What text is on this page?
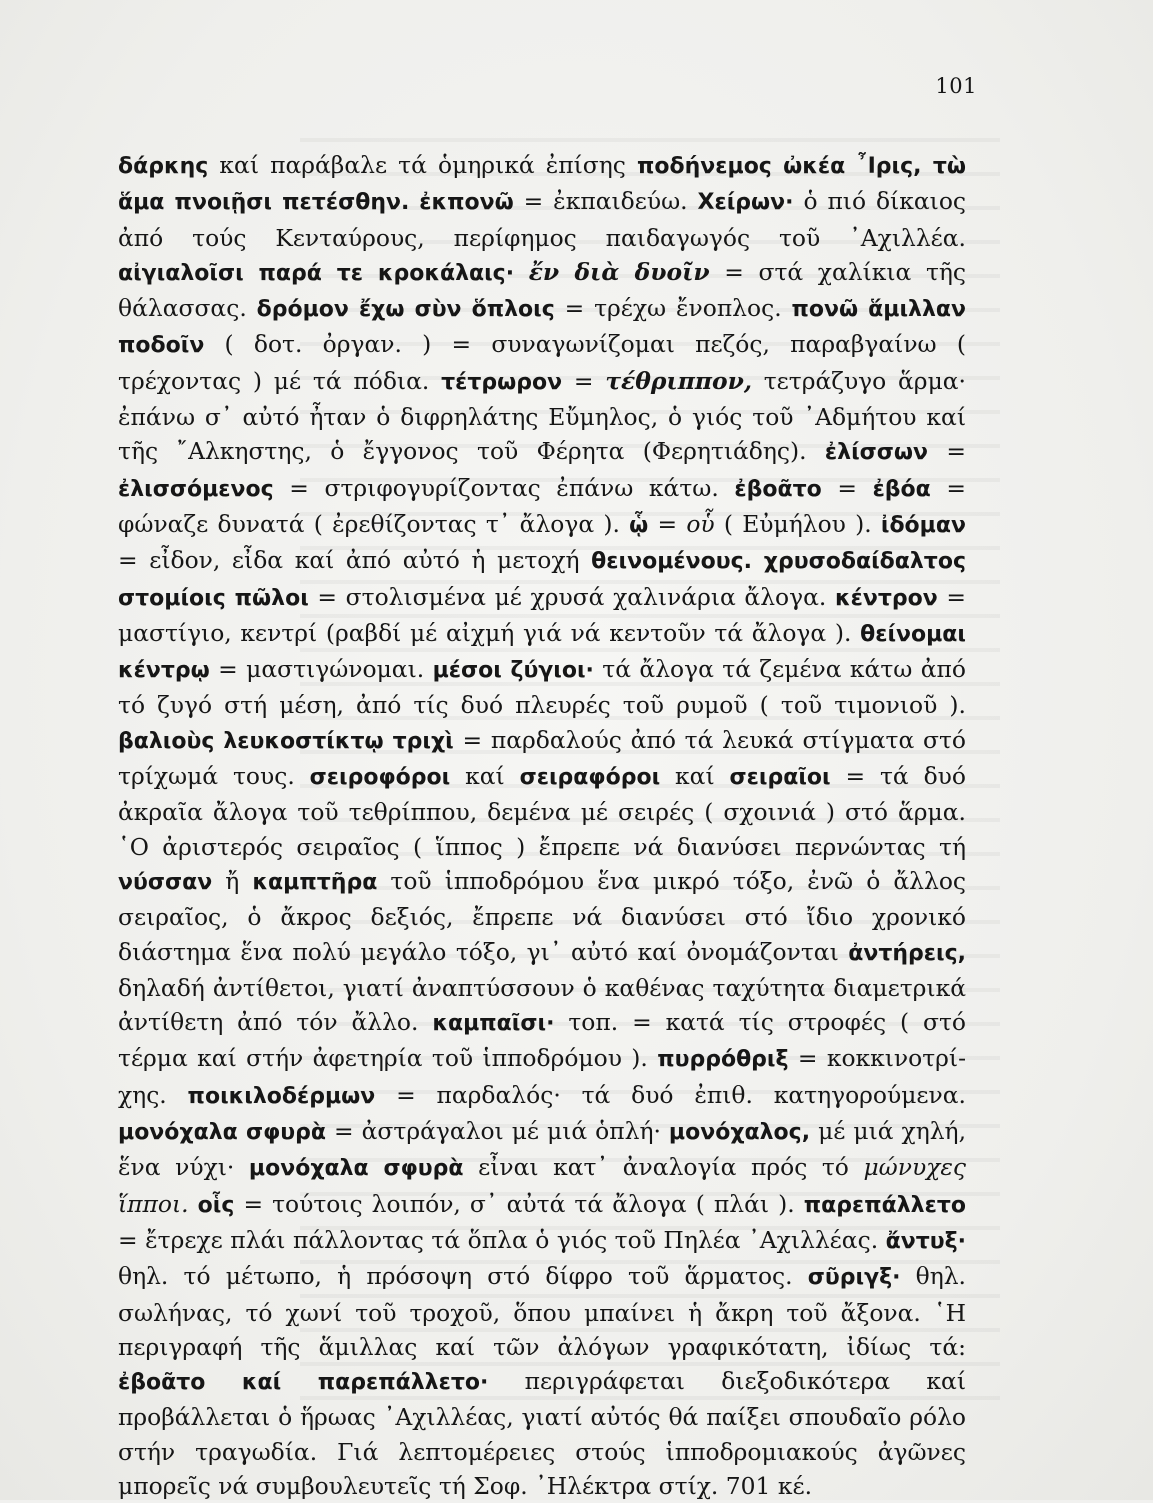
101

δάρκης καί παράβαλε τά ὁμηρικά ἐπίσης ποδήνεμος ὠκέα ῏Ιρις, τὼ ἅμα πνοιῇσι πετέσθην. ἐκπονῶ = ἐκπαιδεύω. Χείρων· ὁ πιό δίκαιος ἀπό τούς Κενταύρους, περίφημος παιδαγωγός τοῦ ᾿Αχιλλέα. αἰγιαλοῖσι παρά τε κροκάλαις· ἔν διὰ δυοῖν = στά χαλίκια τῆς θάλασσας. δρόμον ἔχω σὺν ὅπλοις = τρέχω ἔνοπλος. πονῶ ἅμιλλαν ποδοῖν ( δοτ. ὀργαν. ) = συναγωνίζομαι πεζός, παραβγαίνω ( τρέχοντας ) μέ τά πόδια. τέτρωρον = τέθριππον, τετράζυγο ἅρμα· ἐπάνω σ᾿ αὐτό ἦταν ὁ διφρηλάτης Εὔμηλος, ὁ γιός τοῦ ᾿Αδμήτου καί τῆς ῎Αλκηστης, ὁ ἔγγονος τοῦ Φέρητα (Φερητιάδης). ἐλίσσων = ἐλισσόμενος = στριφογυρίζοντας ἐπάνω κάτω. ἐβοᾶτο = ἐβόα = φώναζε δυνατά ( ἐρεθίζοντας τ᾿ ἄλογα ). ᾧ = οὗ ( Εὐμήλου ). ἰδόμαν = εἶδον, εἶδα καί ἀπό αὐτό ἡ μετοχή θεινομένους. χρυσοδαίδαλτος στομίοις πῶλοι = στολισμένα μέ χρυσά χαλινάρια ἄλογα. κέντρον = μαστίγιο, κεντρί (ραβδί μέ αἰχμή γιά νά κεντοῦν τά ἄλογα ). θείνομαι κέντρῳ = μαστιγώνομαι. μέσοι ζύγιοι· τά ἄλογα τά ζεμένα κάτω ἀπό τό ζυγό στή μέση, ἀπό τίς δυό πλευρές τοῦ ρυμοῦ ( τοῦ τιμονιοῦ ). βαλιοὺς λευκοστίκτῳ τριχὶ = παρδαλούς ἀπό τά λευκά στίγματα στό τρίχωμά τους. σειροφόροι καί σειραφόροι καί σειραῖοι = τά δυό ἀκραῖα ἄλογα τοῦ τεθρίππου, δεμένα μέ σειρές ( σχοινιά ) στό ἅρμα. ῾Ο ἀριστερός σειραῖος ( ἵππος ) ἔπρεπε νά διανύσει περνώντας τή νύσσαν ἤ καμπτῆρα τοῦ ἱπποδρόμου ἕνα μικρό τόξο, ἐνῶ ὁ ἄλλος σειραῖος, ὁ ἄκρος δεξιός, ἔπρεπε νά διανύσει στό ἴδιο χρονικό διάστημα ἕνα πολύ μεγάλο τόξο, γι᾿ αὐτό καί ὀνομάζονται ἀντήρεις, δηλαδή ἀντίθετοι, γιατί ἀναπτύσσουν ὁ καθένας ταχύτητα διαμετρικά ἀντίθετη ἀπό τόν ἄλλο. καμπαῖσι· τοπ. = κατά τίς στροφές ( στό τέρμα καί στήν ἀφετηρία τοῦ ἱπποδρόμου ). πυρρόθριξ = κοκκινοτρίχης. ποικιλοδέρμων = παρδαλός· τά δυό ἐπιθ. κατηγορούμενα. μονόχαλα σφυρὰ = ἀστράγαλοι μέ μιά ὁπλή· μονόχαλος, μέ μιά χηλή, ἕνα νύχι· μονόχαλα σφυρὰ εἶναι κατ᾿ ἀναλογία πρός τό μώνυχες ἵπποι. οἷς = τούτοις λοιπόν, σ᾿ αὐτά τά ἄλογα ( πλάι ). παρεπάλλετο = ἔτρεχε πλάι πάλλοντας τά ὅπλα ὁ γιός τοῦ Πηλέα ᾿Αχιλλέας. ἄντυξ· θηλ. τό μέτωπο, ἡ πρόσοψη στό δίφρο τοῦ ἅρματος. σῦριγξ· θηλ. σωλήνας, τό χωνί τοῦ τροχοῦ, ὅπου μπαίνει ἡ ἄκρη τοῦ ἄξονα. ῾Η περιγραφή τῆς ἅμιλλας καί τῶν ἀλόγων γραφικότατη, ἰδίως τά: ἐβοᾶτο καί παρεπάλλετο· περιγράφεται διεξοδικότερα καί προβάλλεται ὁ ἥρωας ᾿Αχιλλέας, γιατί αὐτός θά παίξει σπουδαῖο ρόλο στήν τραγωδία. Γιά λεπτομέρειες στούς ἱπποδρομιακούς ἀγῶνες μπορεῖς νά συμβουλευτεῖς τή Σοφ. ᾿Ηλέκτρα στίχ. 701 κέ.
